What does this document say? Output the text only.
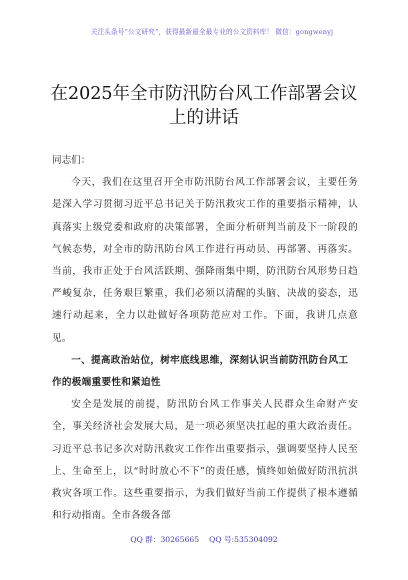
关注头条号“公文研究”，获得最新最全最专业的公文资料库！ 微信：gongwenyj
在2025年全市防汛防台风工作部署会议上的讲话

同志们：

今天，我们在这里召开全市防汛防台风工作部署会议，主要任务是深入学习贯彻习近平总书记关于防汛救灾工作的重要指示精神，认真落实上级党委和政府的决策部署，全面分析研判当前及下一阶段的气候态势，对全市的防汛防台风工作进行再动员、再部署、再落实。当前，我市正处于台风活跃期、强降雨集中期，防汛防台风形势日趋严峻复杂，任务艰巨繁重，我们必须以清醒的头脑、决战的姿态，迅速行动起来，全力以赴做好各项防范应对工作。下面，我讲几点意见。

一、提高政治站位，树牢底线思维，深刻认识当前防汛防台风工作的极端重要性和紧迫性

安全是发展的前提，防汛防台风工作事关人民群众生命财产安全，事关经济社会发展大局，是一项必须坚决扛起的重大政治责任。习近平总书记多次对防汛救灾工作作出重要指示，强调要坚持人民至上、生命至上，以“时时放心不下”的责任感，慎终如始做好防汛抗洪救灾各项工作。这些重要指示，为我们做好当前工作提供了根本遵循和行动指南。全市各级各部

QQ 群：30265665 QQ 号:535304092
